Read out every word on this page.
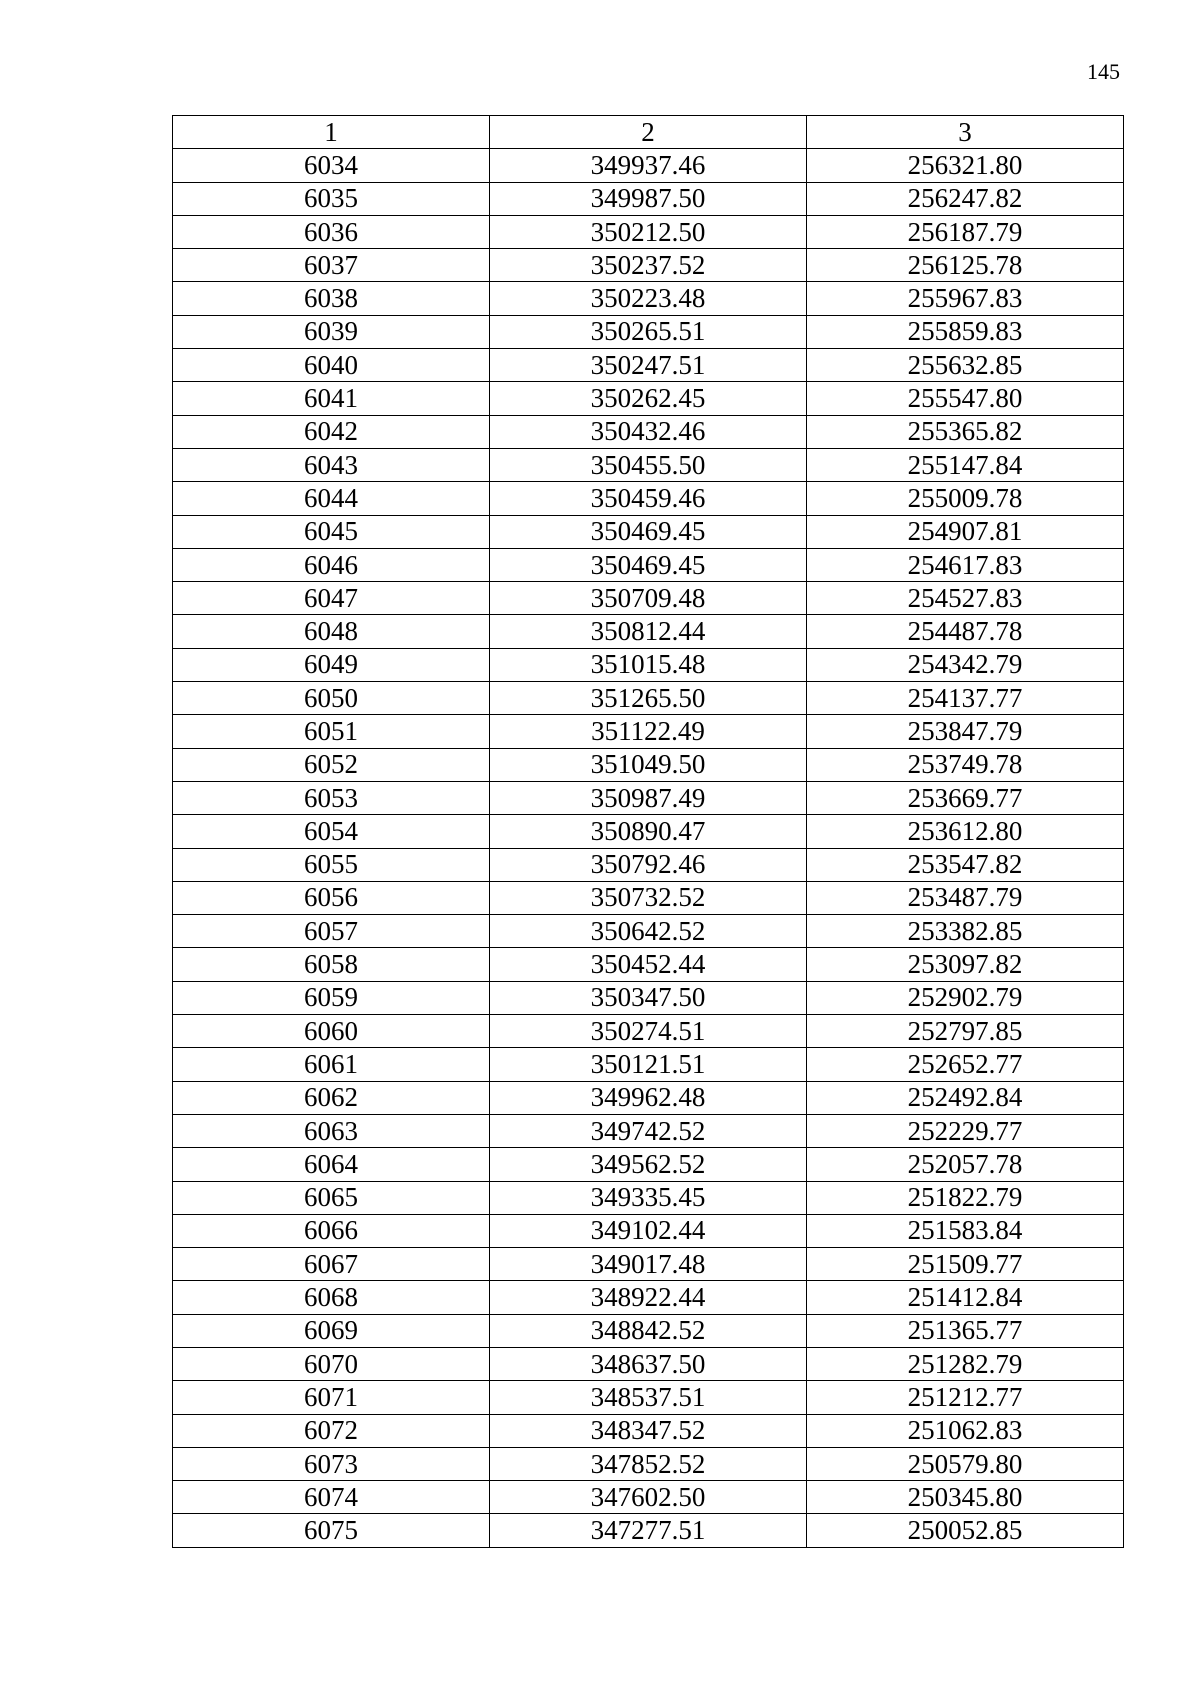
145
1	2	3
6034	349937.46	256321.80
6035	349987.50	256247.82
6036	350212.50	256187.79
6037	350237.52	256125.78
6038	350223.48	255967.83
6039	350265.51	255859.83
6040	350247.51	255632.85
6041	350262.45	255547.80
6042	350432.46	255365.82
6043	350455.50	255147.84
6044	350459.46	255009.78
6045	350469.45	254907.81
6046	350469.45	254617.83
6047	350709.48	254527.83
6048	350812.44	254487.78
6049	351015.48	254342.79
6050	351265.50	254137.77
6051	351122.49	253847.79
6052	351049.50	253749.78
6053	350987.49	253669.77
6054	350890.47	253612.80
6055	350792.46	253547.82
6056	350732.52	253487.79
6057	350642.52	253382.85
6058	350452.44	253097.82
6059	350347.50	252902.79
6060	350274.51	252797.85
6061	350121.51	252652.77
6062	349962.48	252492.84
6063	349742.52	252229.77
6064	349562.52	252057.78
6065	349335.45	251822.79
6066	349102.44	251583.84
6067	349017.48	251509.77
6068	348922.44	251412.84
6069	348842.52	251365.77
6070	348637.50	251282.79
6071	348537.51	251212.77
6072	348347.52	251062.83
6073	347852.52	250579.80
6074	347602.50	250345.80
6075	347277.51	250052.85
